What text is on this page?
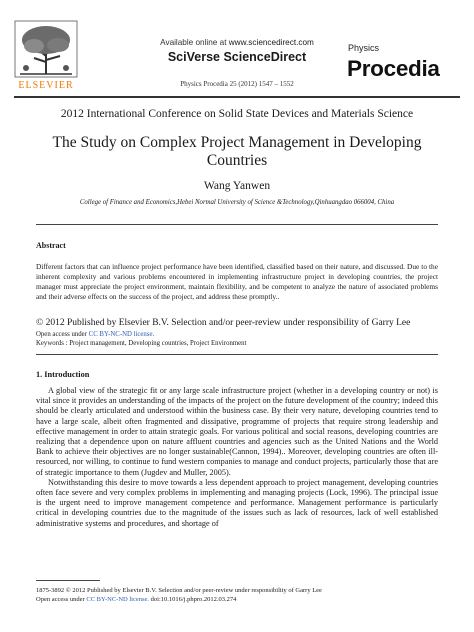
ELSEVIER
Available online at www.sciencedirect.com
SciVerse ScienceDirect
Physics Procedia 25 (2012) 1547 – 1552
Physics
Procedia
2012 International Conference on Solid State Devices and Materials Science
The Study on Complex Project Management in Developing Countries
Wang Yanwen
College of Finance and Economics,Hebei Normal University of Science &Technology,Qinhuangdao 066004, China
Abstract
Different factors that can influence project performance have been identified, classified based on their nature, and discussed. Due to the inherent complexity and various problems encountered in implementing infrastructure project in developing countries, the project manager must appreciate the project environment, maintain flexibility, and be competent to analyze the nature of associated problems and their adverse effects on the success of the project, and address these promptly..
© 2012 Published by Elsevier B.V. Selection and/or peer-review under responsibility of Garry Lee
Open access under CC BY-NC-ND license.
Keywords : Project management, Developing countries, Project Environment
1. Introduction

A global view of the strategic fit or any large scale infrastructure project (whether in a developing country or not) is vital since it provides an understanding of the impacts of the project on the future development of the country; indeed this should be clearly articulated and understood within the business case. By their very nature, developing countries tend to have a large scale, albeit often fragmented and dissipative, programme of projects that require strong leadership and effective management in order to attain strategic goals. For various political and social reasons, developing countries are realizing that a dependence upon on nature affluent countries and agencies such as the United Nations and the World Bank to achieve their objectives are no longer sustainable(Cannon, 1994).. Moreover, developing countries are often ill-resourced, nor willing, to continue to fund western companies to manage and conduct projects, particularly those that are of strategic importance to them (Jugdev and Muller, 2005).

Notwithstanding this desire to move towards a less dependent approach to project management, developing countries often face severe and very complex problems in implementing and managing projects (Lock, 1996). The principal issue is the urgent need to improve management competence and performance. Management performance is particularly critical in developing countries due to the magnitude of the issues such as lack of resources, lack of well established administrative systems and procedures, and shortage of

1875-3892 © 2012 Published by Elsevier B.V. Selection and/or peer-review under responsibility of Garry Lee
Open access under CC BY-NC-ND license. doi:10.1016/j.phpro.2012.03.274
